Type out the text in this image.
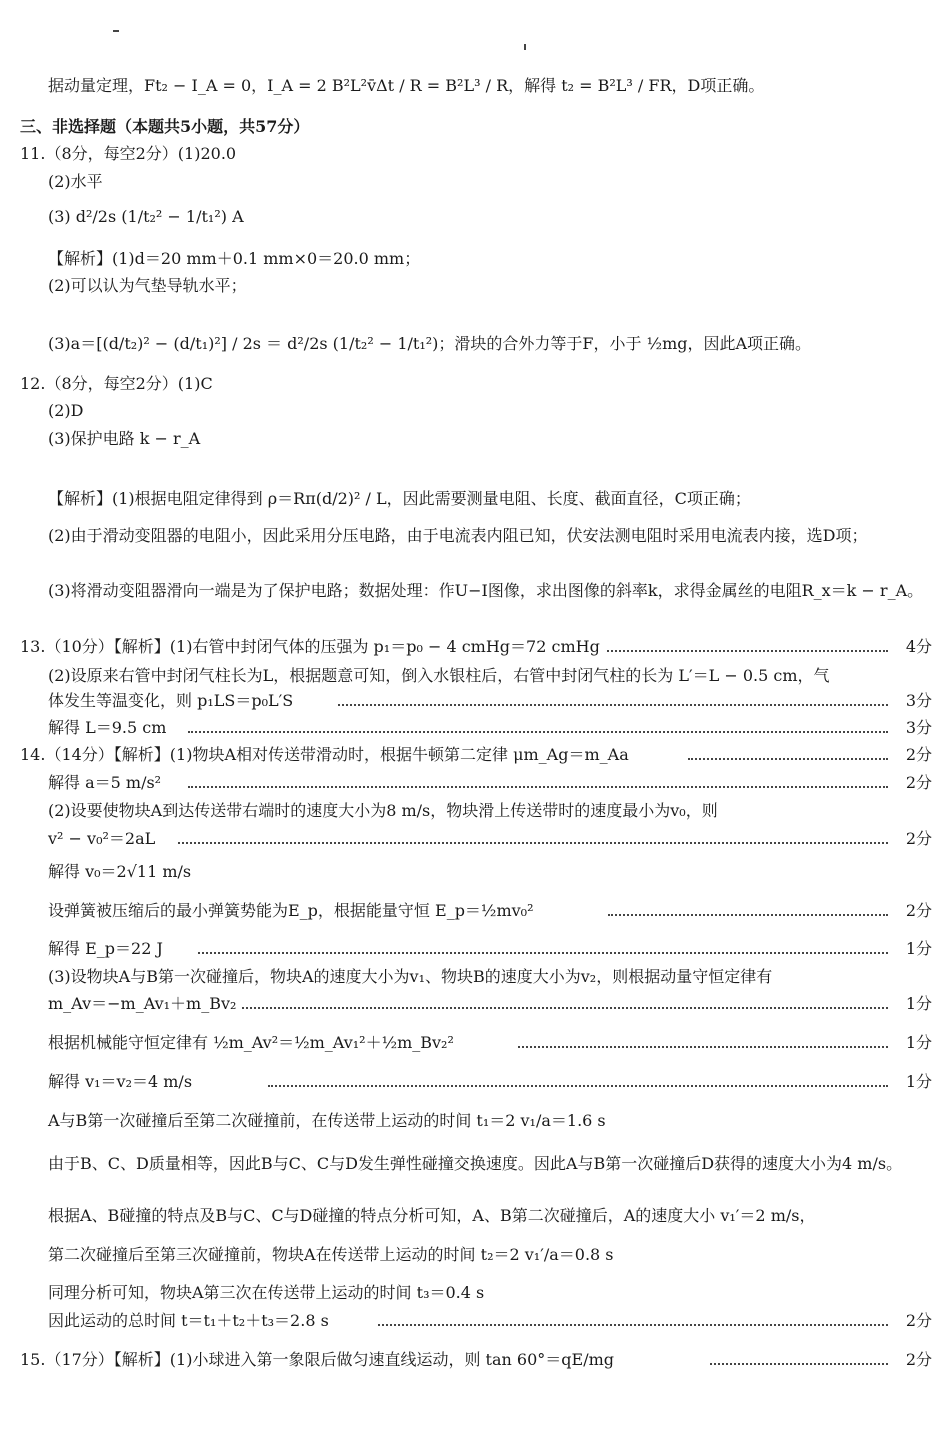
据动量定理，Ft₂ − I_A = 0，I_A = 2 B²L²v̄Δt / R = B²L³ / R，解得 t₂ = B²L³ / FR，D项正确。
三、非选择题（本题共5小题，共57分）
11.（8分，每空2分）(1)20.0
(2)水平
(3) d²/2s (1/t₂² − 1/t₁²) A
【解析】(1)d＝20 mm＋0.1 mm×0＝20.0 mm；
(2)可以认为气垫导轨水平；
(3)a＝[(d/t₂)² − (d/t₁)²] / 2s ＝ d²/2s (1/t₂² − 1/t₁²)；滑块的合外力等于F，小于 ½mg，因此A项正确。
12.（8分，每空2分）(1)C
(2)D
(3)保护电路 k − r_A
【解析】(1)根据电阻定律得到 ρ＝Rπ(d/2)² / L，因此需要测量电阻、长度、截面直径，C项正确；
(2)由于滑动变阻器的电阻小，因此采用分压电路，由于电流表内阻已知，伏安法测电阻时采用电流表内接，选D项；
(3)将滑动变阻器滑向一端是为了保护电路；数据处理：作U−I图像，求出图像的斜率k，求得金属丝的电阻R_x＝k − r_A。
13.（10分）【解析】(1)右管中封闭气体的压强为 p₁＝p₀ − 4 cmHg＝72 cmHg	4分
(2)设原来右管中封闭气柱长为L，根据题意可知，倒入水银柱后，右管中封闭气柱的长为 L′＝L − 0.5 cm，气
体发生等温变化，则 p₁LS＝p₀L′S	3分
解得 L＝9.5 cm	3分
14.（14分）【解析】(1)物块A相对传送带滑动时，根据牛顿第二定律 μm_Ag＝m_Aa	2分
解得 a＝5 m/s²	2分
(2)设要使物块A到达传送带右端时的速度大小为8 m/s，物块滑上传送带时的速度最小为v₀，则
v² − v₀²＝2aL	2分
解得 v₀＝2√11 m/s
设弹簧被压缩后的最小弹簧势能为E_p，根据能量守恒 E_p＝½mv₀²	2分
解得 E_p＝22 J	1分
(3)设物块A与B第一次碰撞后，物块A的速度大小为v₁、物块B的速度大小为v₂，则根据动量守恒定律有
m_Av＝−m_Av₁＋m_Bv₂	1分
根据机械能守恒定律有 ½m_Av²＝½m_Av₁²＋½m_Bv₂²	1分
解得 v₁＝v₂＝4 m/s	1分
A与B第一次碰撞后至第二次碰撞前，在传送带上运动的时间 t₁＝2 v₁/a＝1.6 s
由于B、C、D质量相等，因此B与C、C与D发生弹性碰撞交换速度。因此A与B第一次碰撞后D获得的速度大小为4 m/s。
根据A、B碰撞的特点及B与C、C与D碰撞的特点分析可知，A、B第二次碰撞后，A的速度大小 v₁′＝2 m/s，
第二次碰撞后至第三次碰撞前，物块A在传送带上运动的时间 t₂＝2 v₁′/a＝0.8 s
同理分析可知，物块A第三次在传送带上运动的时间 t₃＝0.4 s
因此运动的总时间 t＝t₁＋t₂＋t₃＝2.8 s	2分
15.（17分）【解析】(1)小球进入第一象限后做匀速直线运动，则 tan 60°＝qE/mg	2分
